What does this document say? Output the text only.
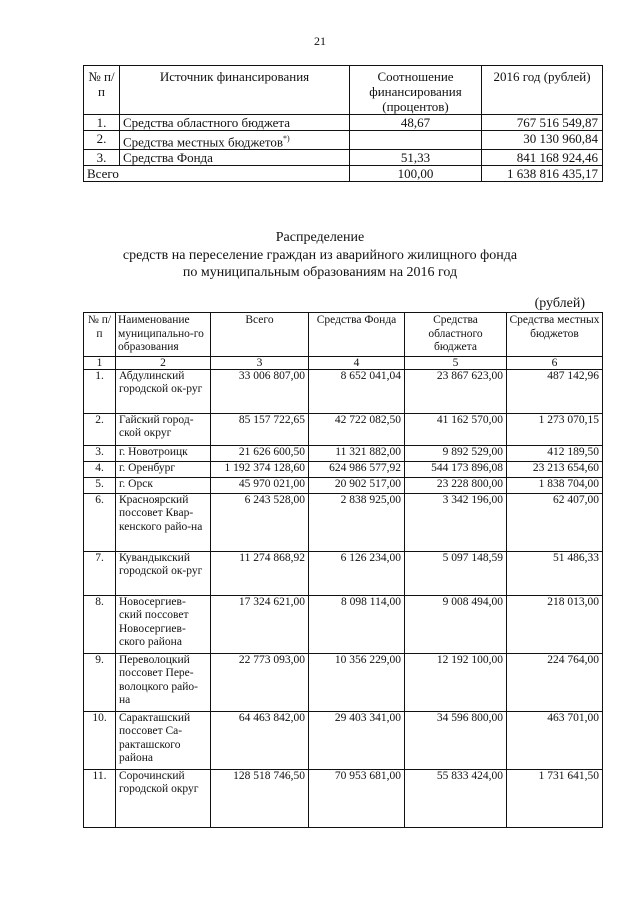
21
№ п/п	Источник финансирования	Соотношение финансирования (процентов)	2016 год (рублей)
1.	Средства областного бюджета	48,67	767 516 549,87
2.	Средства местных бюджетов*)		30 130 960,84
3.	Средства Фонда	51,33	841 168 924,46
Всего		100,00	1 638 816 435,17
Распределение
средств на переселение граждан из аварийного жилищного фонда
по муниципальным образованиям на 2016 год
(рублей)
№ п/п	Наименование муниципально-го образования	Всего	Средства Фонда	Средства областного бюджета	Средства местных бюджетов
1	2	3	4	5	6
1.	Абдулинский городской ок-руг	33 006 807,00	8 652 041,04	23 867 623,00	487 142,96
2.	Гайский город-ской округ	85 157 722,65	42 722 082,50	41 162 570,00	1 273 070,15
3.	г. Новотроицк	21 626 600,50	11 321 882,00	9 892 529,00	412 189,50
4.	г. Оренбург	1 192 374 128,60	624 986 577,92	544 173 896,08	23 213 654,60
5.	г. Орск	45 970 021,00	20 902 517,00	23 228 800,00	1 838 704,00
6.	Красноярский поссовет Квар-кенского райо-на	6 243 528,00	2 838 925,00	3 342 196,00	62 407,00
7.	Кувандыкский городской ок-руг	11 274 868,92	6 126 234,00	5 097 148,59	51 486,33
8.	Новосергиев-ский поссовет Новосергиев-ского района	17 324 621,00	8 098 114,00	9 008 494,00	218 013,00
9.	Переволоцкий поссовет Пере-волоцкого райо-на	22 773 093,00	10 356 229,00	12 192 100,00	224 764,00
10.	Саракташский поссовет Са-ракташского района	64 463 842,00	29 403 341,00	34 596 800,00	463 701,00
11.	Сорочинский городской округ	128 518 746,50	70 953 681,00	55 833 424,00	1 731 641,50
